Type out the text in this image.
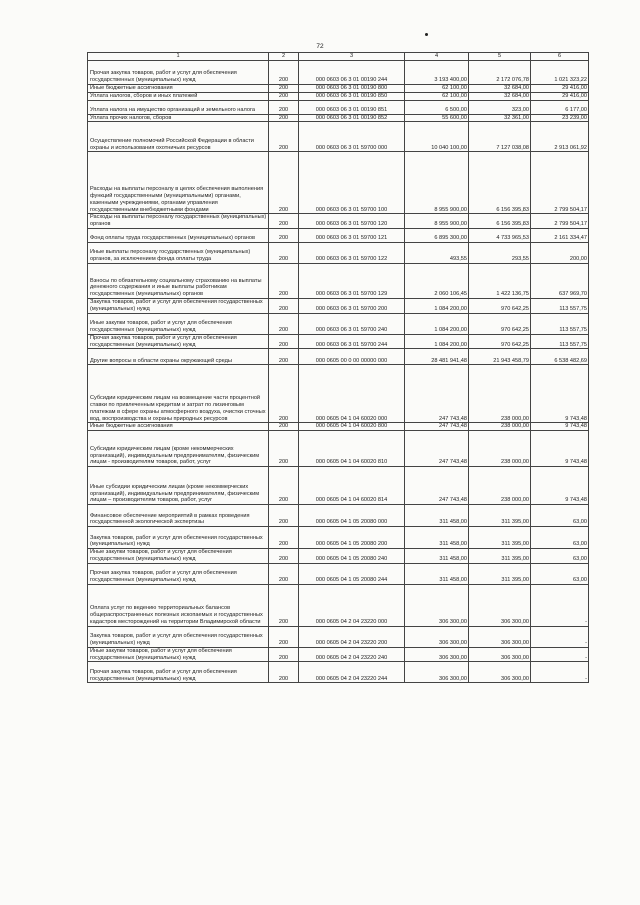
72
1	2	3	4	5	6
Прочая закупка товаров, работ и услуг для обеспечения государственных (муниципальных) нужд	200	000 0603 06 3 01 00190 244	3 193 400,00	2 172 076,78	1 021 323,22
Иные бюджетные ассигнования	200	000 0603 06 3 01 00190 800	62 100,00	32 684,00	29 416,00
Уплата налогов, сборов и иных платежей	200	000 0603 06 3 01 00190 850	62 100,00	32 684,00	29 416,00
Уплата налога на имущество организаций и земельного налога	200	000 0603 06 3 01 00190 851	6 500,00	323,00	6 177,00
Уплата прочих налогов, сборов	200	000 0603 06 3 01 00190 852	55 600,00	32 361,00	23 239,00
Осуществление полномочий Российской Федерации в области охраны и использования охотничьих ресурсов	200	000 0603 06 3 01 59700 000	10 040 100,00	7 127 038,08	2 913 061,92
Расходы на выплаты персоналу в целях обеспечения выполнения функций государственными (муниципальными) органами, казенными учреждениями, органами управления государственными внебюджетными фондами	200	000 0603 06 3 01 59700 100	8 955 900,00	6 156 395,83	2 799 504,17
Расходы на выплаты персоналу государственных (муниципальных) органов	200	000 0603 06 3 01 59700 120	8 955 900,00	6 156 395,83	2 799 504,17
Фонд оплаты труда государственных (муниципальных) органов	200	000 0603 06 3 01 59700 121	6 895 300,00	4 733 965,53	2 161 334,47
Иные выплаты персоналу государственных (муниципальных) органов, за исключением фонда оплаты труда	200	000 0603 06 3 01 59700 122	493,55	293,55	200,00
Взносы по обязательному социальному страхованию на выплаты денежного содержания и иные выплаты работникам государственных (муниципальных) органов	200	000 0603 06 3 01 59700 129	2 060 106,45	1 422 136,75	637 969,70
Закупка товаров, работ и услуг для обеспечения государственных (муниципальных) нужд	200	000 0603 06 3 01 59700 200	1 084 200,00	970 642,25	113 557,75
Иные закупки товаров, работ и услуг для обеспечения государственных (муниципальных) нужд	200	000 0603 06 3 01 59700 240	1 084 200,00	970 642,25	113 557,75
Прочая закупка товаров, работ и услуг для обеспечения государственных (муниципальных) нужд	200	000 0603 06 3 01 59700 244	1 084 200,00	970 642,25	113 557,75
Другие вопросы в области охраны окружающей среды	200	000 0605 00 0 00 00000 000	28 481 941,48	21 943 458,79	6 538 482,69
Субсидии юридическим лицам на возмещение части процентной ставки по привлеченным кредитам и затрат по лизинговым платежам в сфере охраны атмосферного воздуха, очистки сточных вод, воспроизводства и охраны природных ресурсов	200	000 0605 04 1 04 60020 000	247 743,48	238 000,00	9 743,48
Иные бюджетные ассигнования	200	000 0605 04 1 04 60020 800	247 743,48	238 000,00	9 743,48
Субсидии юридическим лицам (кроме некоммерческих организаций), индивидуальным предпринимателям, физическим лицам - производителям товаров, работ, услуг	200	000 0605 04 1 04 60020 810	247 743,48	238 000,00	9 743,48
Иные субсидии юридическим лицам (кроме некоммерческих организаций), индивидуальным предпринимателям, физическим лицам – производителям товаров, работ, услуг	200	000 0605 04 1 04 60020 814	247 743,48	238 000,00	9 743,48
Финансовое обеспечение мероприятий в рамках проведения государственной экологической экспертизы	200	000 0605 04 1 05 20080 000	311 458,00	311 395,00	63,00
Закупка товаров, работ и услуг для обеспечения государственных (муниципальных) нужд	200	000 0605 04 1 05 20080 200	311 458,00	311 395,00	63,00
Иные закупки товаров, работ и услуг для обеспечения государственных (муниципальных) нужд	200	000 0605 04 1 05 20080 240	311 458,00	311 395,00	63,00
Прочая закупка товаров, работ и услуг для обеспечения государственных (муниципальных) нужд	200	000 0605 04 1 05 20080 244	311 458,00	311 395,00	63,00
Оплата услуг по ведению территориальных балансов общераспространенных полезных ископаемых и государственных кадастров месторождений на территории Владимирской области	200	000 0605 04 2 04 23220 000	306 300,00	306 300,00	-
Закупка товаров, работ и услуг для обеспечения государственных (муниципальных) нужд	200	000 0605 04 2 04 23220 200	306 300,00	306 300,00	-
Иные закупки товаров, работ и услуг для обеспечения государственных (муниципальных) нужд	200	000 0605 04 2 04 23220 240	306 300,00	306 300,00	-
Прочая закупка товаров, работ и услуг для обеспечения государственных (муниципальных) нужд	200	000 0605 04 2 04 23220 244	306 300,00	306 300,00	-
